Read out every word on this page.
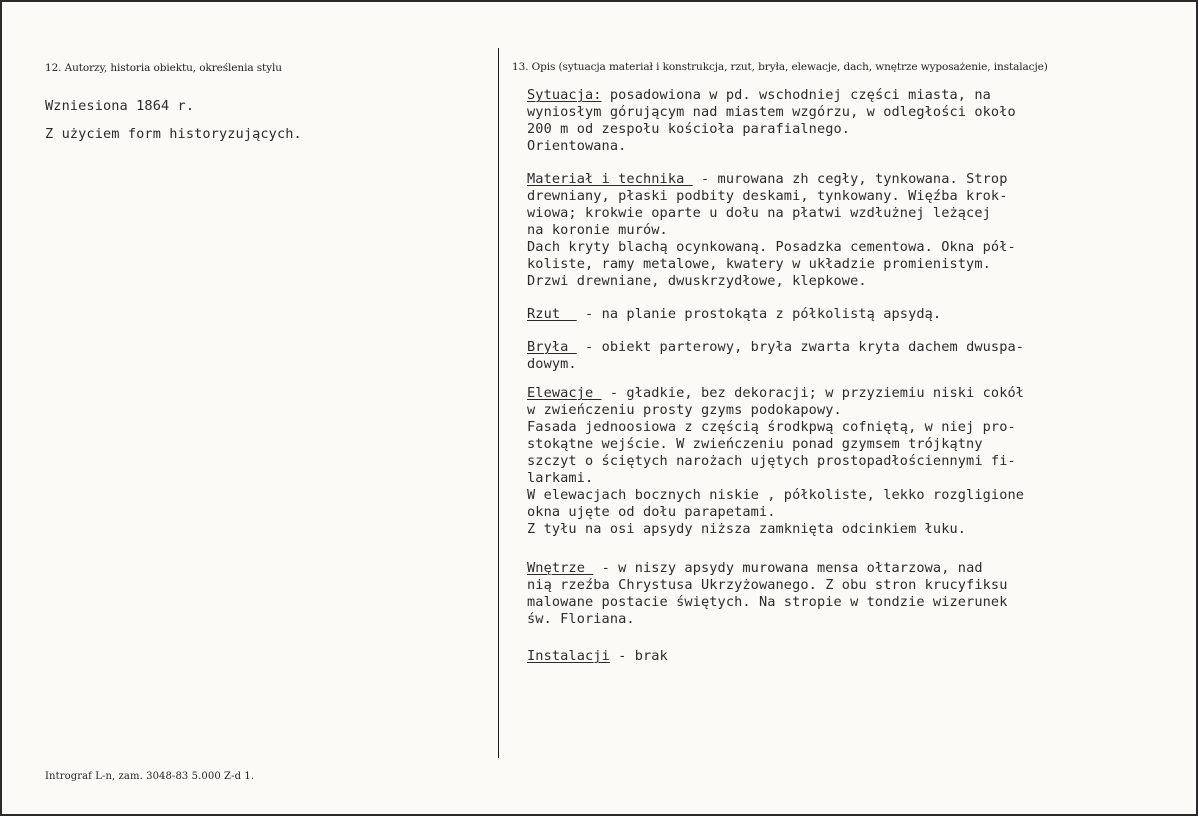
12. Autorzy, historia obiektu, określenia stylu	13. Opis (sytuacja materiał i konstrukcja, rzut, bryła, elewacje, dach, wnętrze wyposażenie, instalacje)
Wzniesiona 1864 r.
Z użyciem form historyzujących.
Sytuacja: posadowiona w pd. wschodniej części miasta, na
wyniosłym górującym nad miastem wzgórzu, w odległości około
200 m od zespołu kościoła parafialnego.
Orientowana.
Materiał i technika  - murowana zh cegły, tynkowana. Strop
drewniany, płaski podbity deskami, tynkowany. Więźba krok-
wiowa; krokwie oparte u dołu na płatwi wzdłużnej leżącej
na koronie murów.
Dach kryty blachą ocynkowaną. Posadzka cementowa. Okna pół-
koliste, ramy metalowe, kwatery w układzie promienistym.
Drzwi drewniane, dwuskrzydłowe, klepkowe.
Rzut   - na planie prostokąta z półkolistą apsydą.
Bryła  - obiekt parterowy, bryła zwarta kryta dachem dwuspa-
dowym.
Elewacje  - gładkie, bez dekoracji; w przyziemiu niski cokół
w zwieńczeniu prosty gzyms podokapowy.
Fasada jednoosiowa z częścią środkpwą cofniętą, w niej pro-
stokątne wejście. W zwieńczeniu ponad gzymsem trójkątny
szczyt o ściętych narożach ujętych prostopadłościennymi fi-
larkami.
W elewacjach bocznych niskie , półkoliste, lekko rozgligione
okna ujęte od dołu parapetami.
Z tyłu na osi apsydy niższa zamknięta odcinkiem łuku.
Wnętrze  - w niszy apsydy murowana mensa ołtarzowa, nad
nią rzeźba Chrystusa Ukrzyżowanego. Z obu stron krucyfiksu
malowane postacie świętych. Na stropie w tondzie wizerunek
św. Floriana.
Instalacji - brak
Intrograf L-n, zam. 3048-83 5.000 Z-d 1.
